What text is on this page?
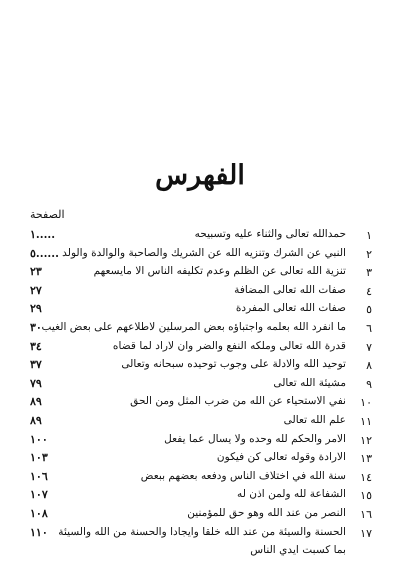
الفهرس
الصفحة
١
حمدالله تعالى والثناء عليه وتسبيحه
١.....
٢
النبي عن الشرك وتنزيه الله عن الشريك والصاحبة والوالدة والولد
٥......
٣
تنزية الله تعالى عن الظلم وعدم تكليفه الناس الا مايسعهم
٢٣
٤
صفات الله تعالى المضافة
٢٧
٥
صفات الله تعالى المفردة
٢٩
٦
ما انفرد الله بعلمه واجتباؤه بعض المرسلين لاطلاعهم على بعض الغيب
٣٠
٧
قدرة الله تعالى وملكه النفع والضر وان لاراد لما قضاه
٣٤
٨
توحيد الله والادلة على وجوب توحيده سبحانه وتعالى
٣٧
٩
مشيئة الله تعالى
٧٩
١٠
نفي الاستحياء عن الله من ضرب المثل ومن الحق
٨٩
١١
علم الله تعالى
٨٩
١٢
الامر والحكم لله وحده ولا يسال عما يفعل
١٠٠
١٣
الارادة وقوله تعالى كن فيكون
١٠٣
١٤
سنة الله في اختلاف الناس ودفعه بعضهم ببعض
١٠٦
١٥
الشفاعة لله ولمن اذن له
١٠٧
١٦
النصر من عند الله وهو حق للمؤمنين
١٠٨
١٧
الحسنة والسيئة من عند الله خلقا وايجادا والحسنة من الله والسيئة
١١٠
بما كسبت ايدي الناس
